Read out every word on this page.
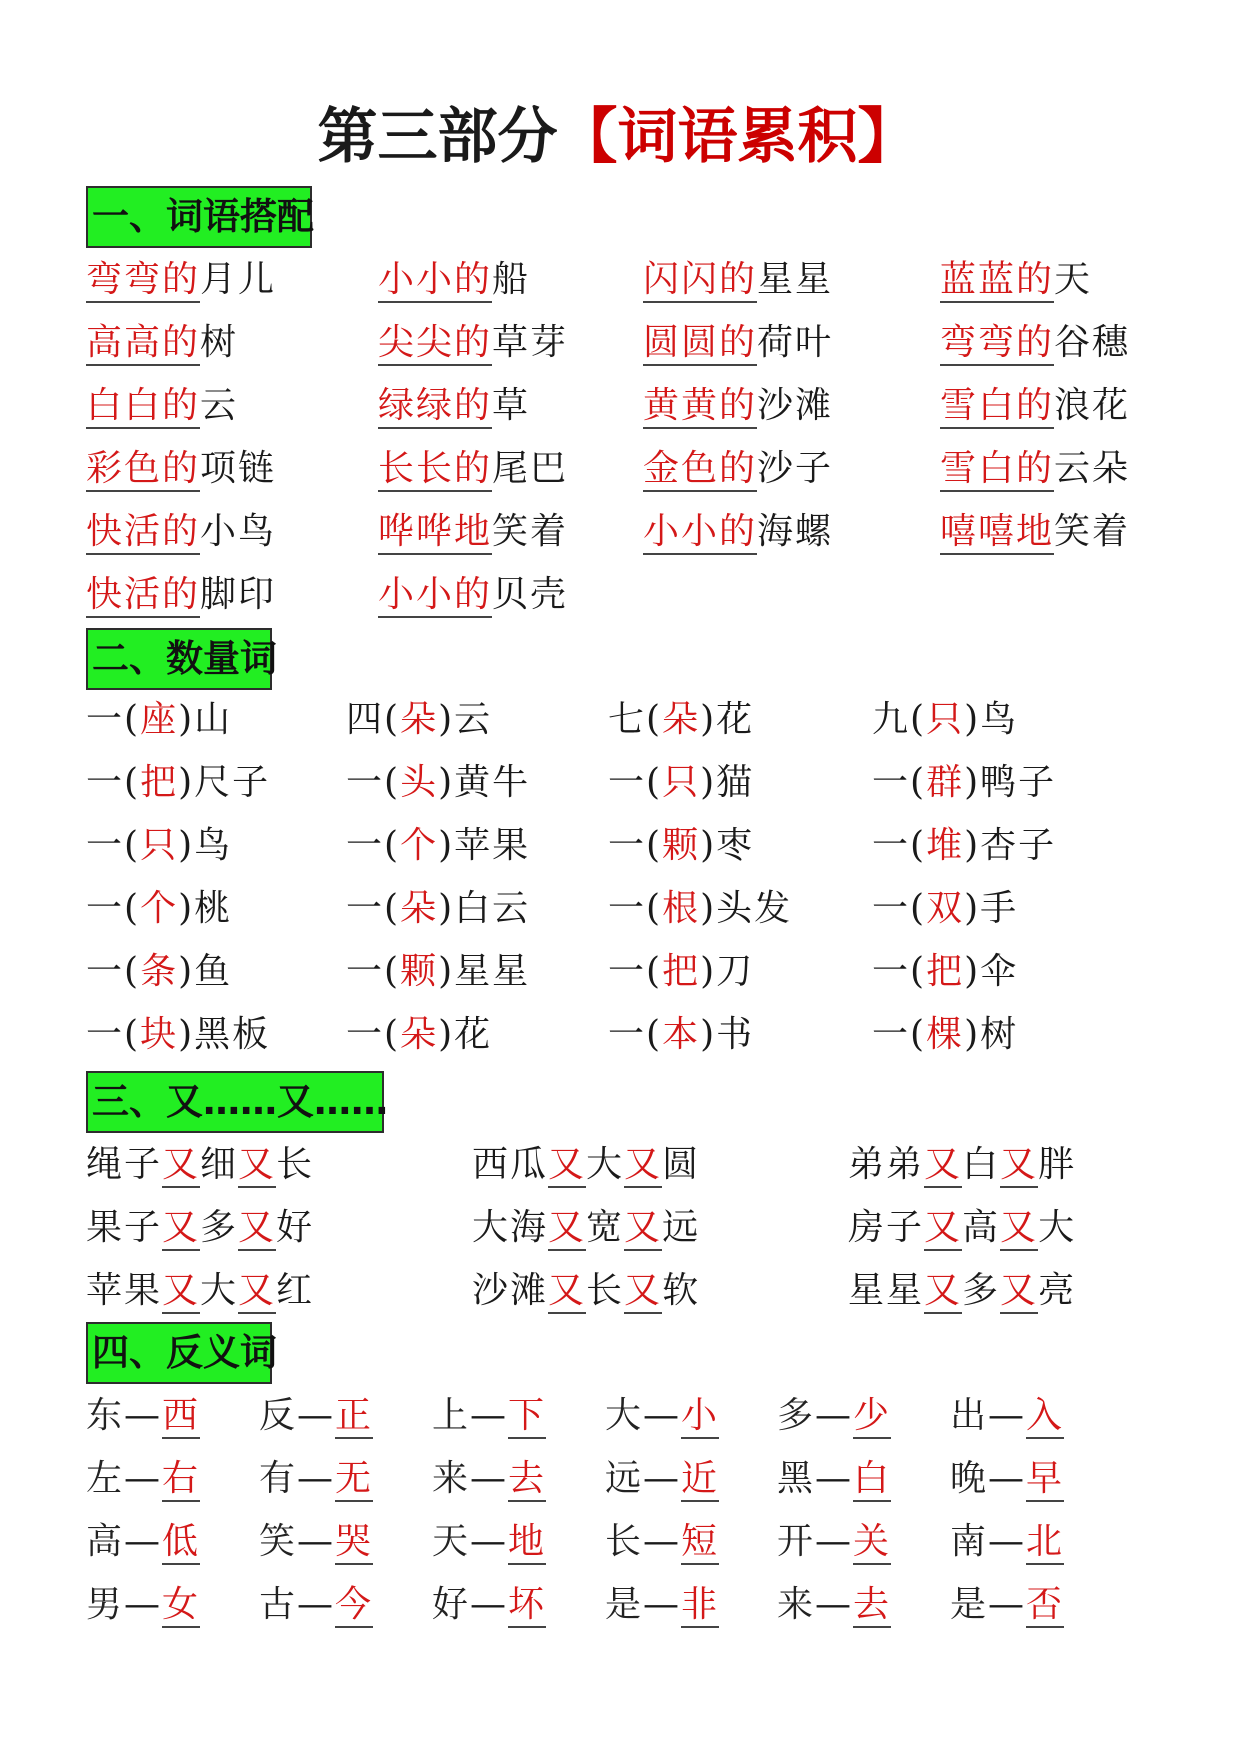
第三部分【词语累积】
一、词语搭配
弯弯的月儿	小小的船	闪闪的星星	蓝蓝的天
高高的树	尖尖的草芽 圆圆的荷叶	弯弯的谷穗
白白的云	绿绿的草	黄黄的沙滩	雪白的浪花
彩色的项链	长长的尾巴 金色的沙子	雪白的云朵
快活的小鸟	哗哗地笑着 小小的海螺	嘻嘻地笑着
快活的脚印	小小的贝壳
二、数量词
一(座)山	四(朵)云	七(朵)花	九(只)鸟
一(把)尺子 一(头)黄牛 一(只)猫	一(群)鸭子
一(只)鸟	一(个)苹果 一(颗)枣	一(堆)杏子
一(个)桃	一(朵)白云 一(根)头发 一(双)手
一(条)鱼	一(颗)星星 一(把)刀	一(把)伞
一(块)黑板 一(朵)花	一(本)书	一(棵)树
三、又……又……
绳子又细又长	西瓜又大又圆	弟弟又白又胖
果子又多又好	大海又宽又远	房子又高又大
苹果又大又红	沙滩又长又软	星星又多又亮
四、反义词
东—西 反—正 上—下 大—小 多—少 出—入
左—右 有—无 来—去 远—近 黑—白 晚—早
高—低 笑—哭 天—地 长—短 开—关 南—北
男—女 古—今 好—坏 是—非 来—去 是—否
